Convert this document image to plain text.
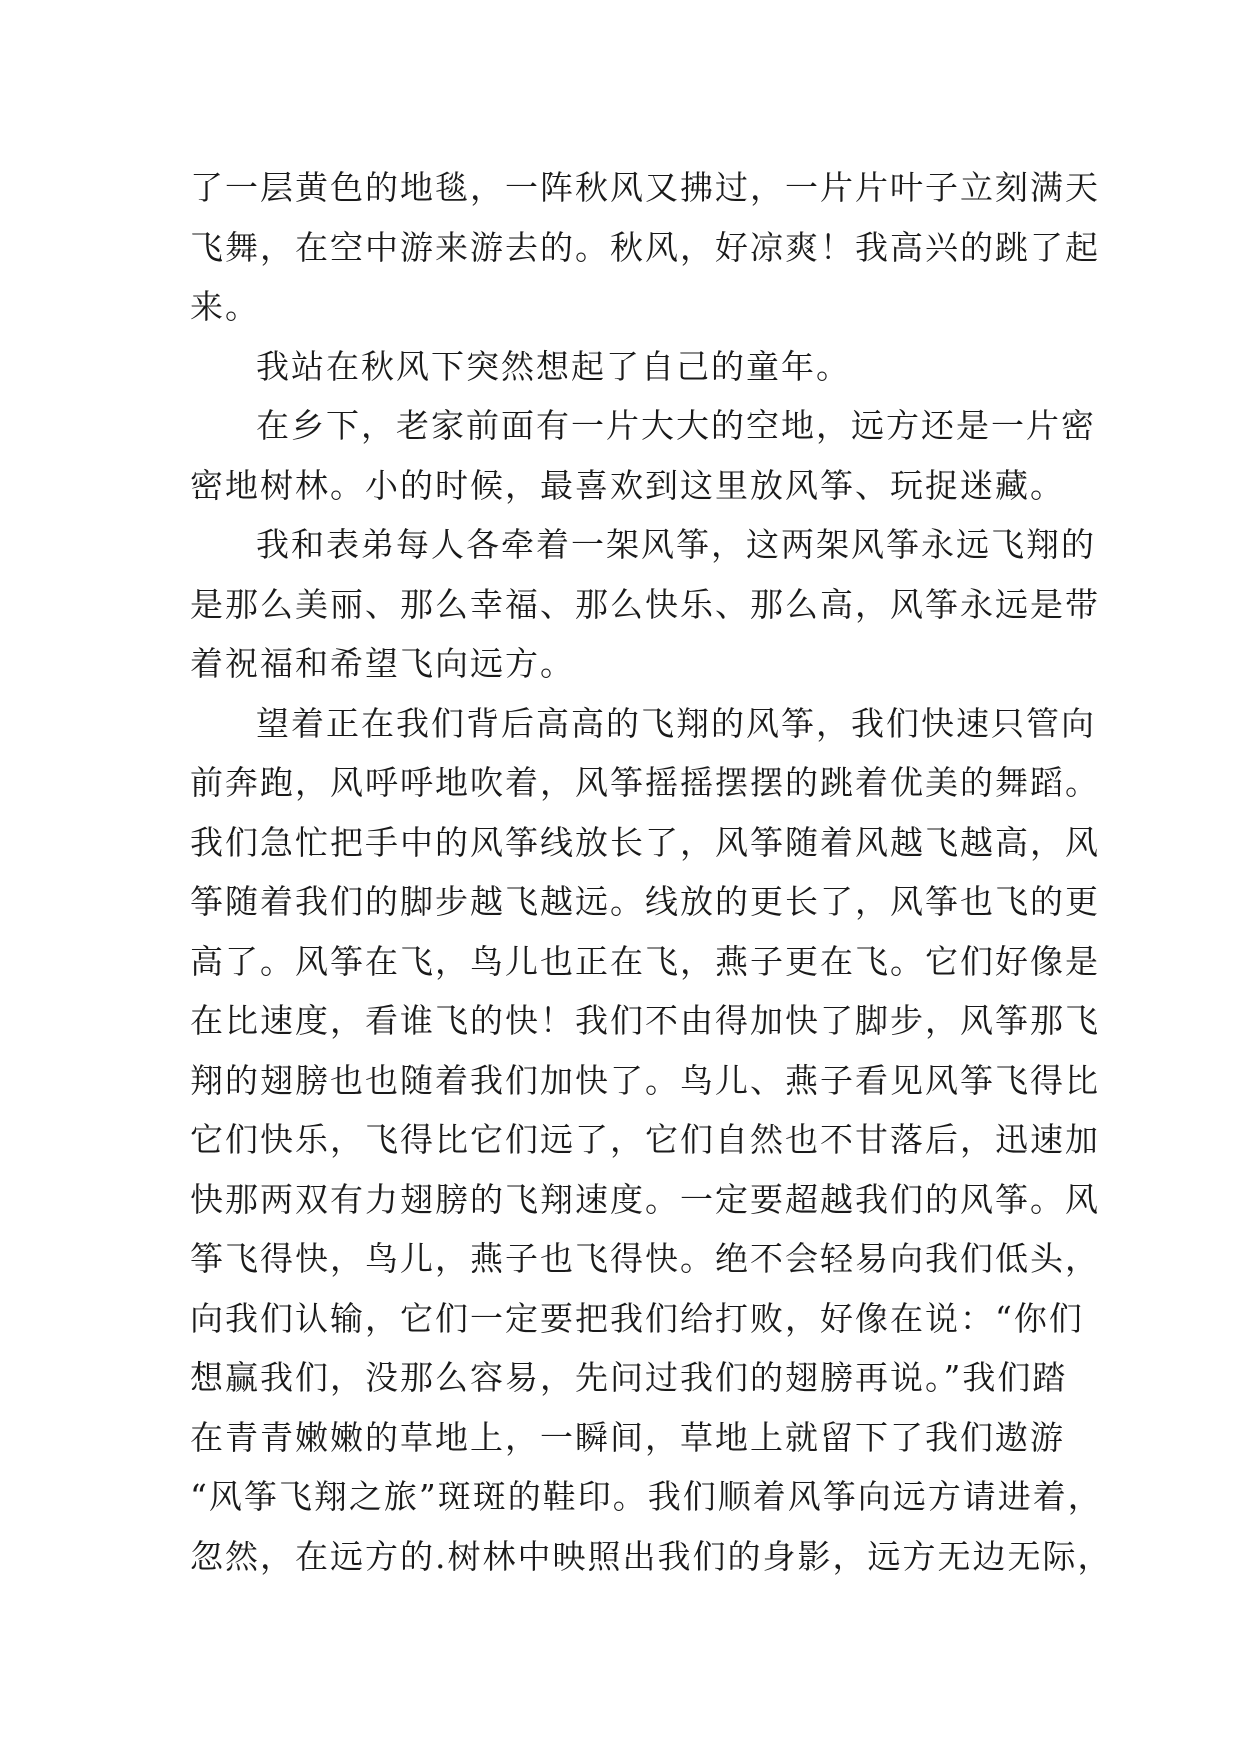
了一层黄色的地毯，一阵秋风又拂过，一片片叶子立刻满天
飞舞，在空中游来游去的。秋风，好凉爽！我高兴的跳了起
来。
我站在秋风下突然想起了自己的童年。
在乡下，老家前面有一片大大的空地，远方还是一片密
密地树林。小的时候，最喜欢到这里放风筝、玩捉迷藏。
我和表弟每人各牵着一架风筝，这两架风筝永远飞翔的
是那么美丽、那么幸福、那么快乐、那么高，风筝永远是带
着祝福和希望飞向远方。
望着正在我们背后高高的飞翔的风筝，我们快速只管向
前奔跑，风呼呼地吹着，风筝摇摇摆摆的跳着优美的舞蹈。
我们急忙把手中的风筝线放长了，风筝随着风越飞越高，风
筝随着我们的脚步越飞越远。线放的更长了，风筝也飞的更
高了。风筝在飞，鸟儿也正在飞，燕子更在飞。它们好像是
在比速度，看谁飞的快！我们不由得加快了脚步，风筝那飞
翔的翅膀也也随着我们加快了。鸟儿、燕子看见风筝飞得比
它们快乐，飞得比它们远了，它们自然也不甘落后，迅速加
快那两双有力翅膀的飞翔速度。一定要超越我们的风筝。风
筝飞得快，鸟儿，燕子也飞得快。绝不会轻易向我们低头，
向我们认输，它们一定要把我们给打败，好像在说：“你们
想赢我们，没那么容易，先问过我们的翅膀再说。”我们踏
在青青嫩嫩的草地上，一瞬间，草地上就留下了我们遨游
“风筝飞翔之旅”斑斑的鞋印。我们顺着风筝向远方请进着，
忽然，在远方的.树林中映照出我们的身影，远方无边无际，
